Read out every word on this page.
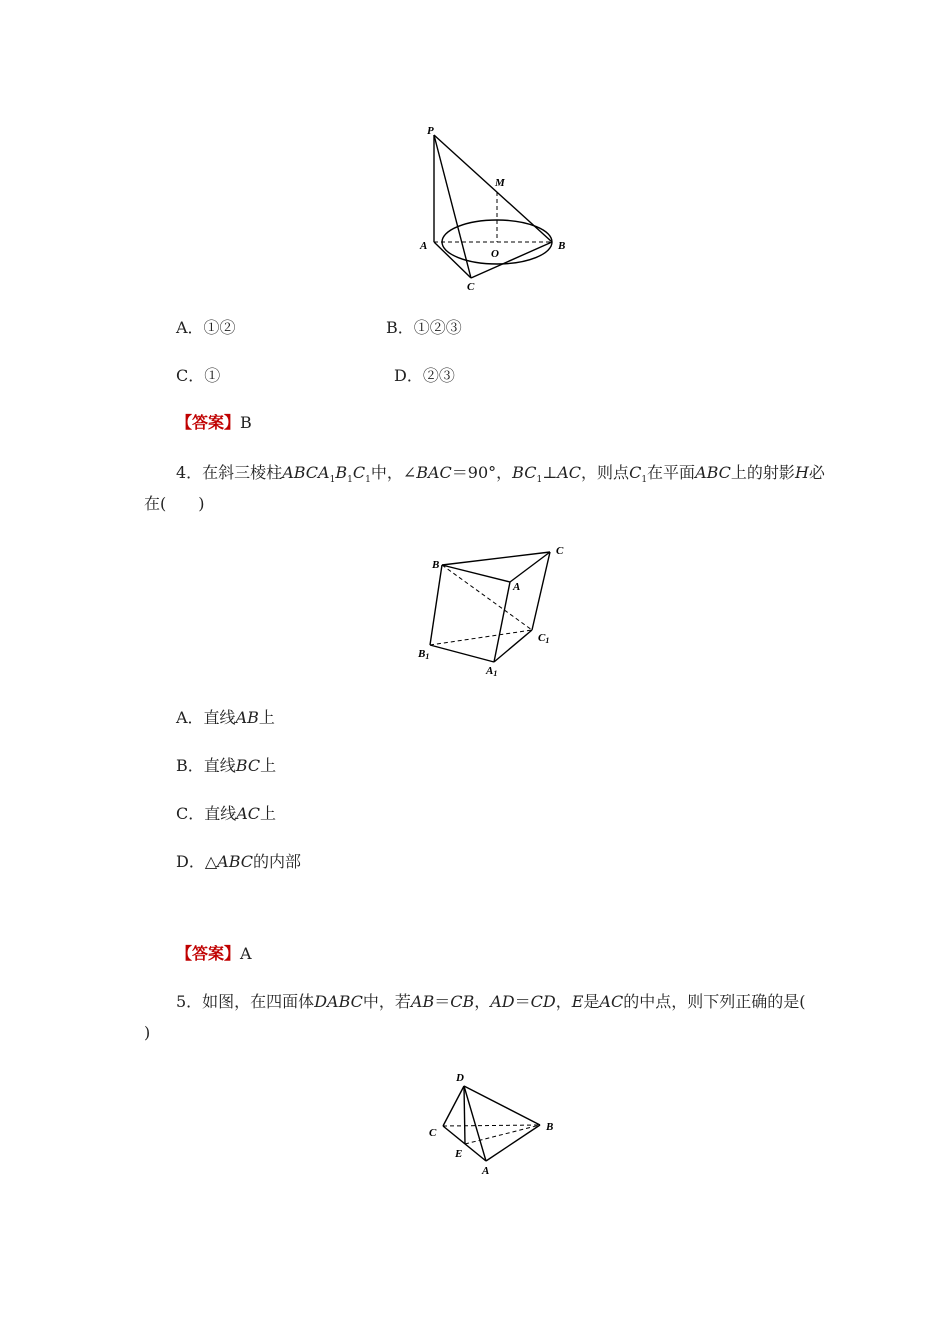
P
M
A
O
B
C
A．①②	B．①②③
C．①	D．②③
【答案】B
4．在斜三棱柱$ABCA_1B_1C_1$中，∠BAC＝90°，$BC_1\perp AC$，则点$C_1$在平面ABC上的射影H必
在(　　)
B
C
A
C1
B1
A1
A．直线AB上
B．直线BC上
C．直线AC上
D．△ABC的内部
【答案】A
5．如图，在四面体DABC中，若AB＝CB，AD＝CD，E是AC的中点，则下列正确的是(
)
D
C	B
E
A
